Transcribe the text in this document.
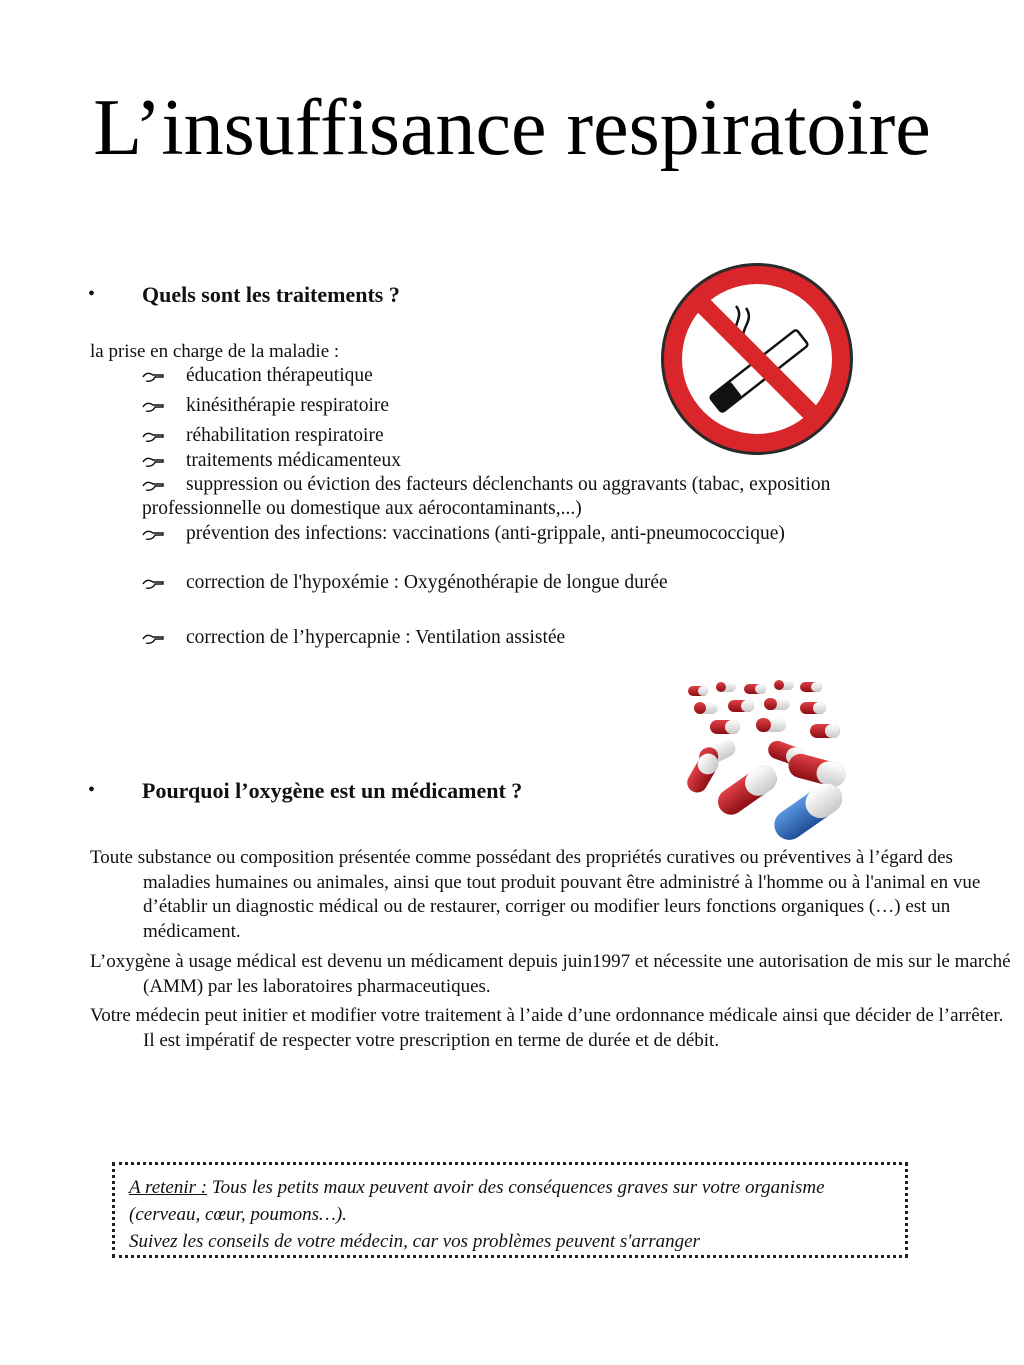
L’insuffisance respiratoire
• Quels sont les traitements ?
la prise en charge de la maladie :
éducation thérapeutique
kinésithérapie respiratoire
réhabilitation respiratoire
traitements médicamenteux
suppression ou éviction des facteurs déclenchants ou aggravants (tabac, exposition professionnelle ou domestique aux aérocontaminants,...)
prévention des infections: vaccinations (anti-grippale, anti-pneumococcique)
correction de l'hypoxémie : Oxygénothérapie de longue durée
correction de l’hypercapnie : Ventilation assistée
• Pourquoi l’oxygène est un médicament ?
Toute substance ou composition présentée comme possédant des propriétés curatives ou préventives à l’égard des maladies humaines ou animales, ainsi que tout produit pouvant être administré à l'homme ou à l'animal en vue d’établir un diagnostic médical ou de restaurer, corriger ou modifier leurs fonctions organiques (…) est un médicament.
L’oxygène à usage médical est devenu un médicament depuis juin1997 et nécessite une autorisation de mis sur le marché (AMM) par les laboratoires pharmaceutiques.
Votre médecin peut initier et modifier votre traitement à l’aide d’une ordonnance médicale ainsi que décider de l’arrêter. Il est impératif de respecter votre prescription en terme de durée et de débit.
A retenir : Tous les petits maux peuvent avoir des conséquences graves sur votre organisme (cerveau, cœur, poumons…).
Suivez les conseils de votre médecin, car vos problèmes peuvent s'arranger
